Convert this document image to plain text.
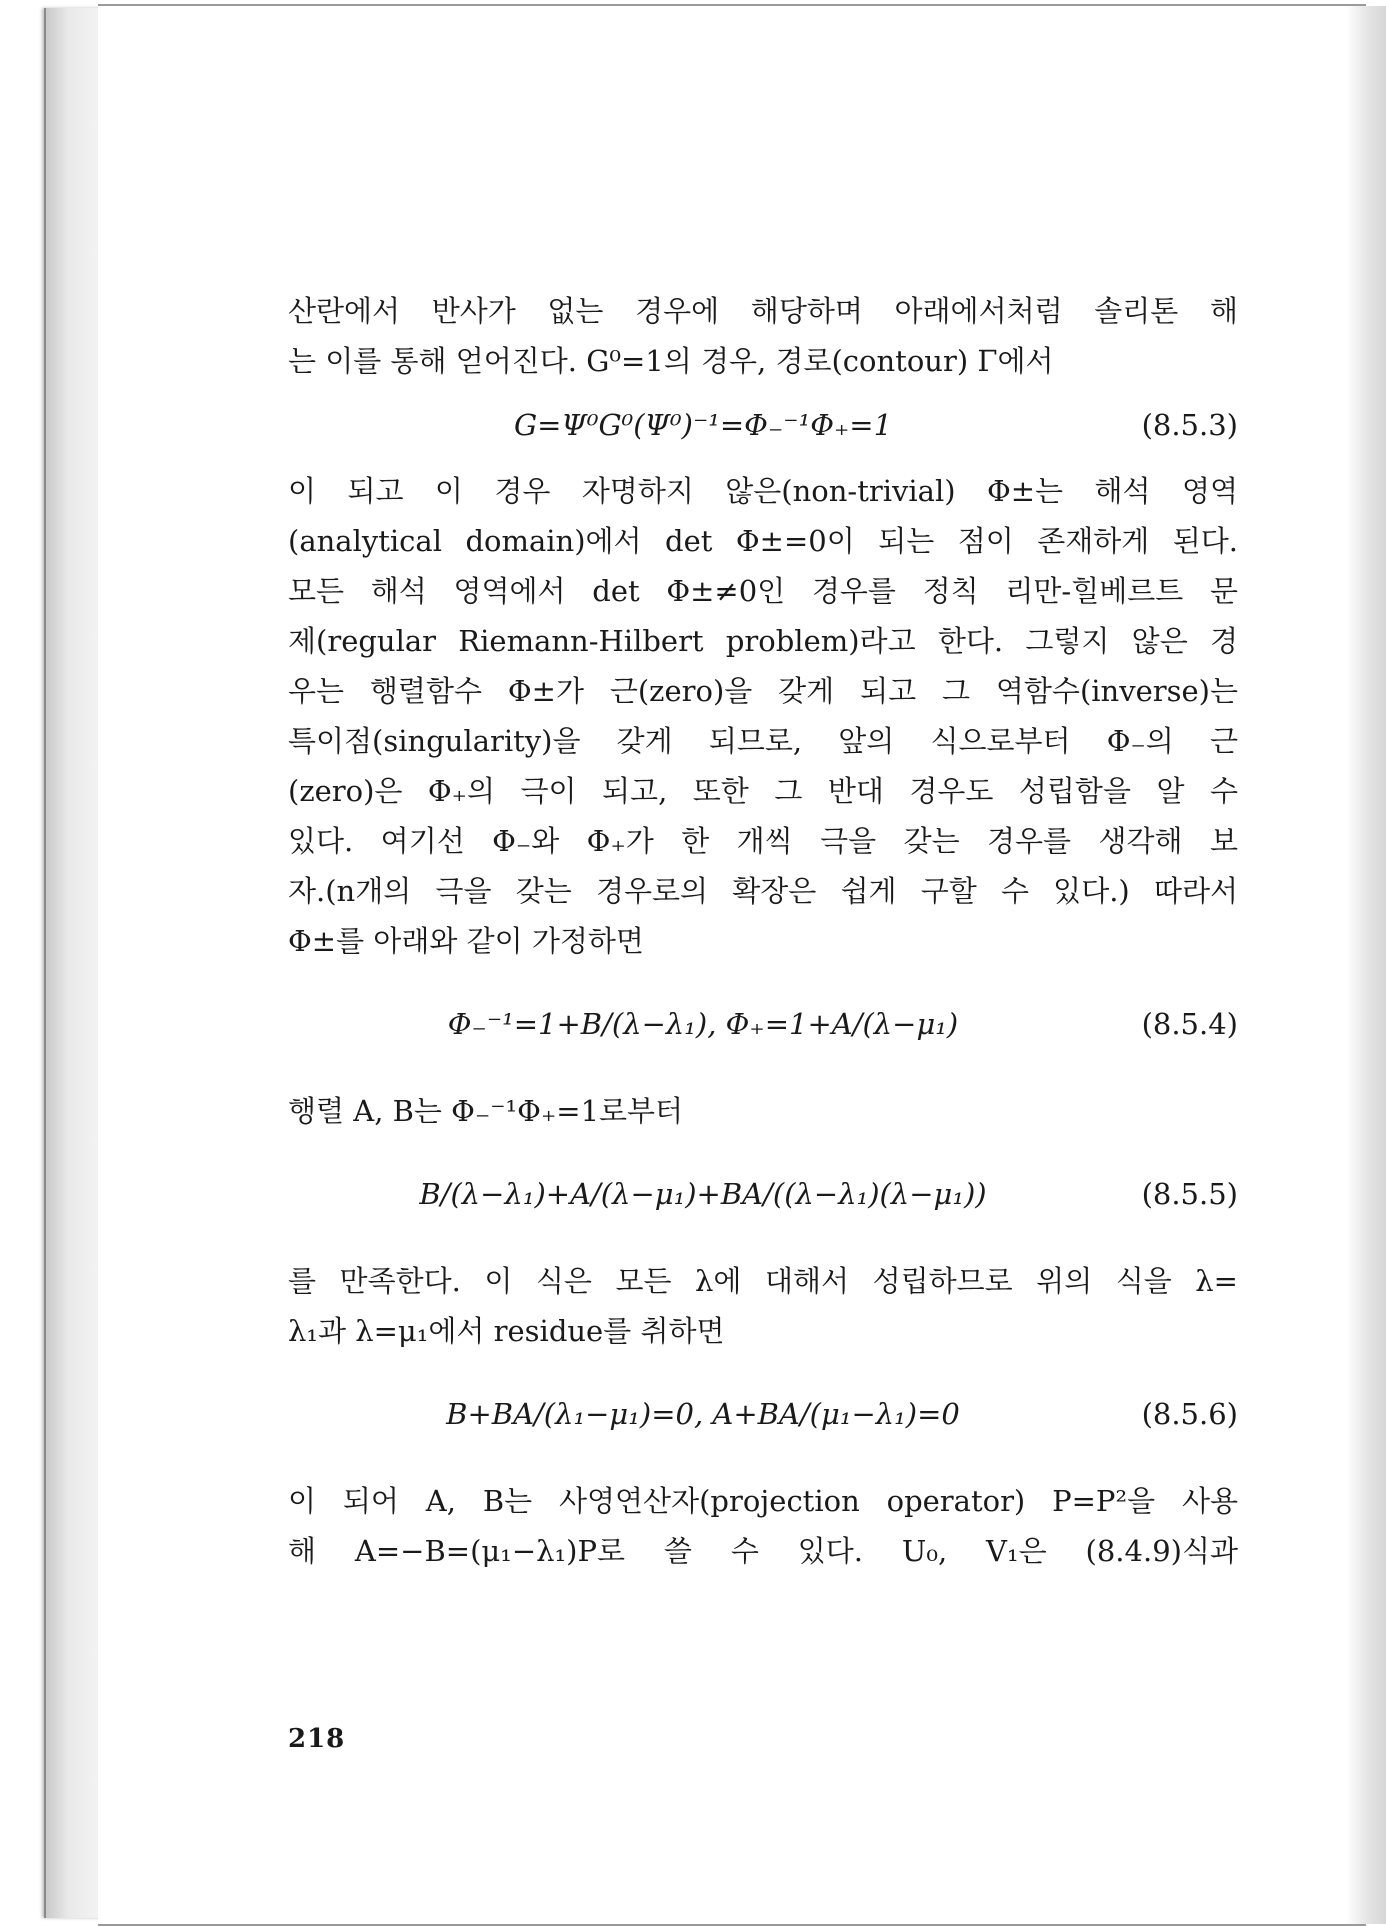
산란에서 반사가 없는 경우에 해당하며 아래에서처럼 솔리톤 해
는 이를 통해 얻어진다. G⁰=1의 경우, 경로(contour) Γ에서
G=Ψ⁰G⁰(Ψ⁰)⁻¹=Φ₋⁻¹Φ₊=1	(8.5.3)
이 되고 이 경우 자명하지 않은(non-trivial) Φ±는 해석 영역
(analytical domain)에서 det Φ±=0이 되는 점이 존재하게 된다.
모든 해석 영역에서 det Φ±≠0인 경우를 정칙 리만-힐베르트 문
제(regular Riemann-Hilbert problem)라고 한다. 그렇지 않은 경
우는 행렬함수 Φ±가 근(zero)을 갖게 되고 그 역함수(inverse)는
특이점(singularity)을 갖게 되므로, 앞의 식으로부터 Φ₋의 근
(zero)은 Φ₊의 극이 되고, 또한 그 반대 경우도 성립함을 알 수
있다. 여기선 Φ₋와 Φ₊가 한 개씩 극을 갖는 경우를 생각해 보
자.(n개의 극을 갖는 경우로의 확장은 쉽게 구할 수 있다.) 따라서
Φ±를 아래와 같이 가정하면
Φ₋⁻¹=1+B/(λ−λ₁), Φ₊=1+A/(λ−μ₁)	(8.5.4)
행렬 A, B는 Φ₋⁻¹Φ₊=1로부터
B/(λ−λ₁)+A/(λ−μ₁)+BA/((λ−λ₁)(λ−μ₁))	(8.5.5)
를 만족한다. 이 식은 모든 λ에 대해서 성립하므로 위의 식을 λ=
λ₁과 λ=μ₁에서 residue를 취하면
B+BA/(λ₁−μ₁)=0, A+BA/(μ₁−λ₁)=0	(8.5.6)
이 되어 A, B는 사영연산자(projection operator) P=P²을 사용
해 A=−B=(μ₁−λ₁)P로 쓸 수 있다. U₀, V₁은 (8.4.9)식과
218
